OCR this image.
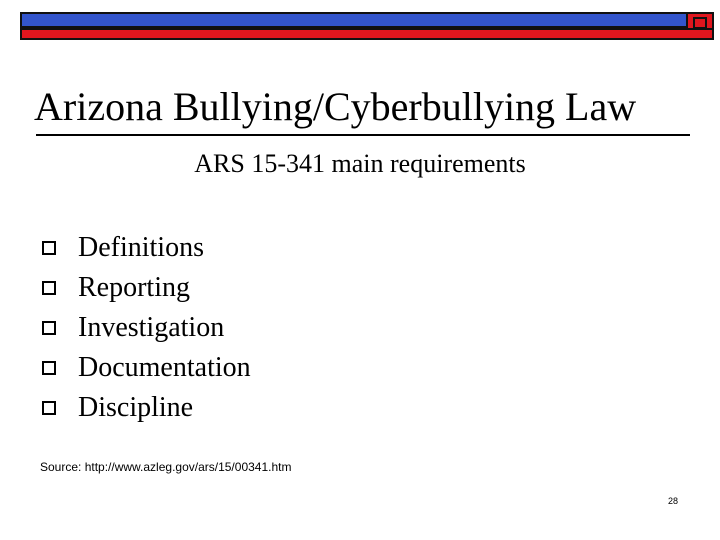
Arizona Bullying/Cyberbullying Law
ARS 15-341 main requirements
Definitions
Reporting
Investigation
Documentation
Discipline
Source: http://www.azleg.gov/ars/15/00341.htm
28
